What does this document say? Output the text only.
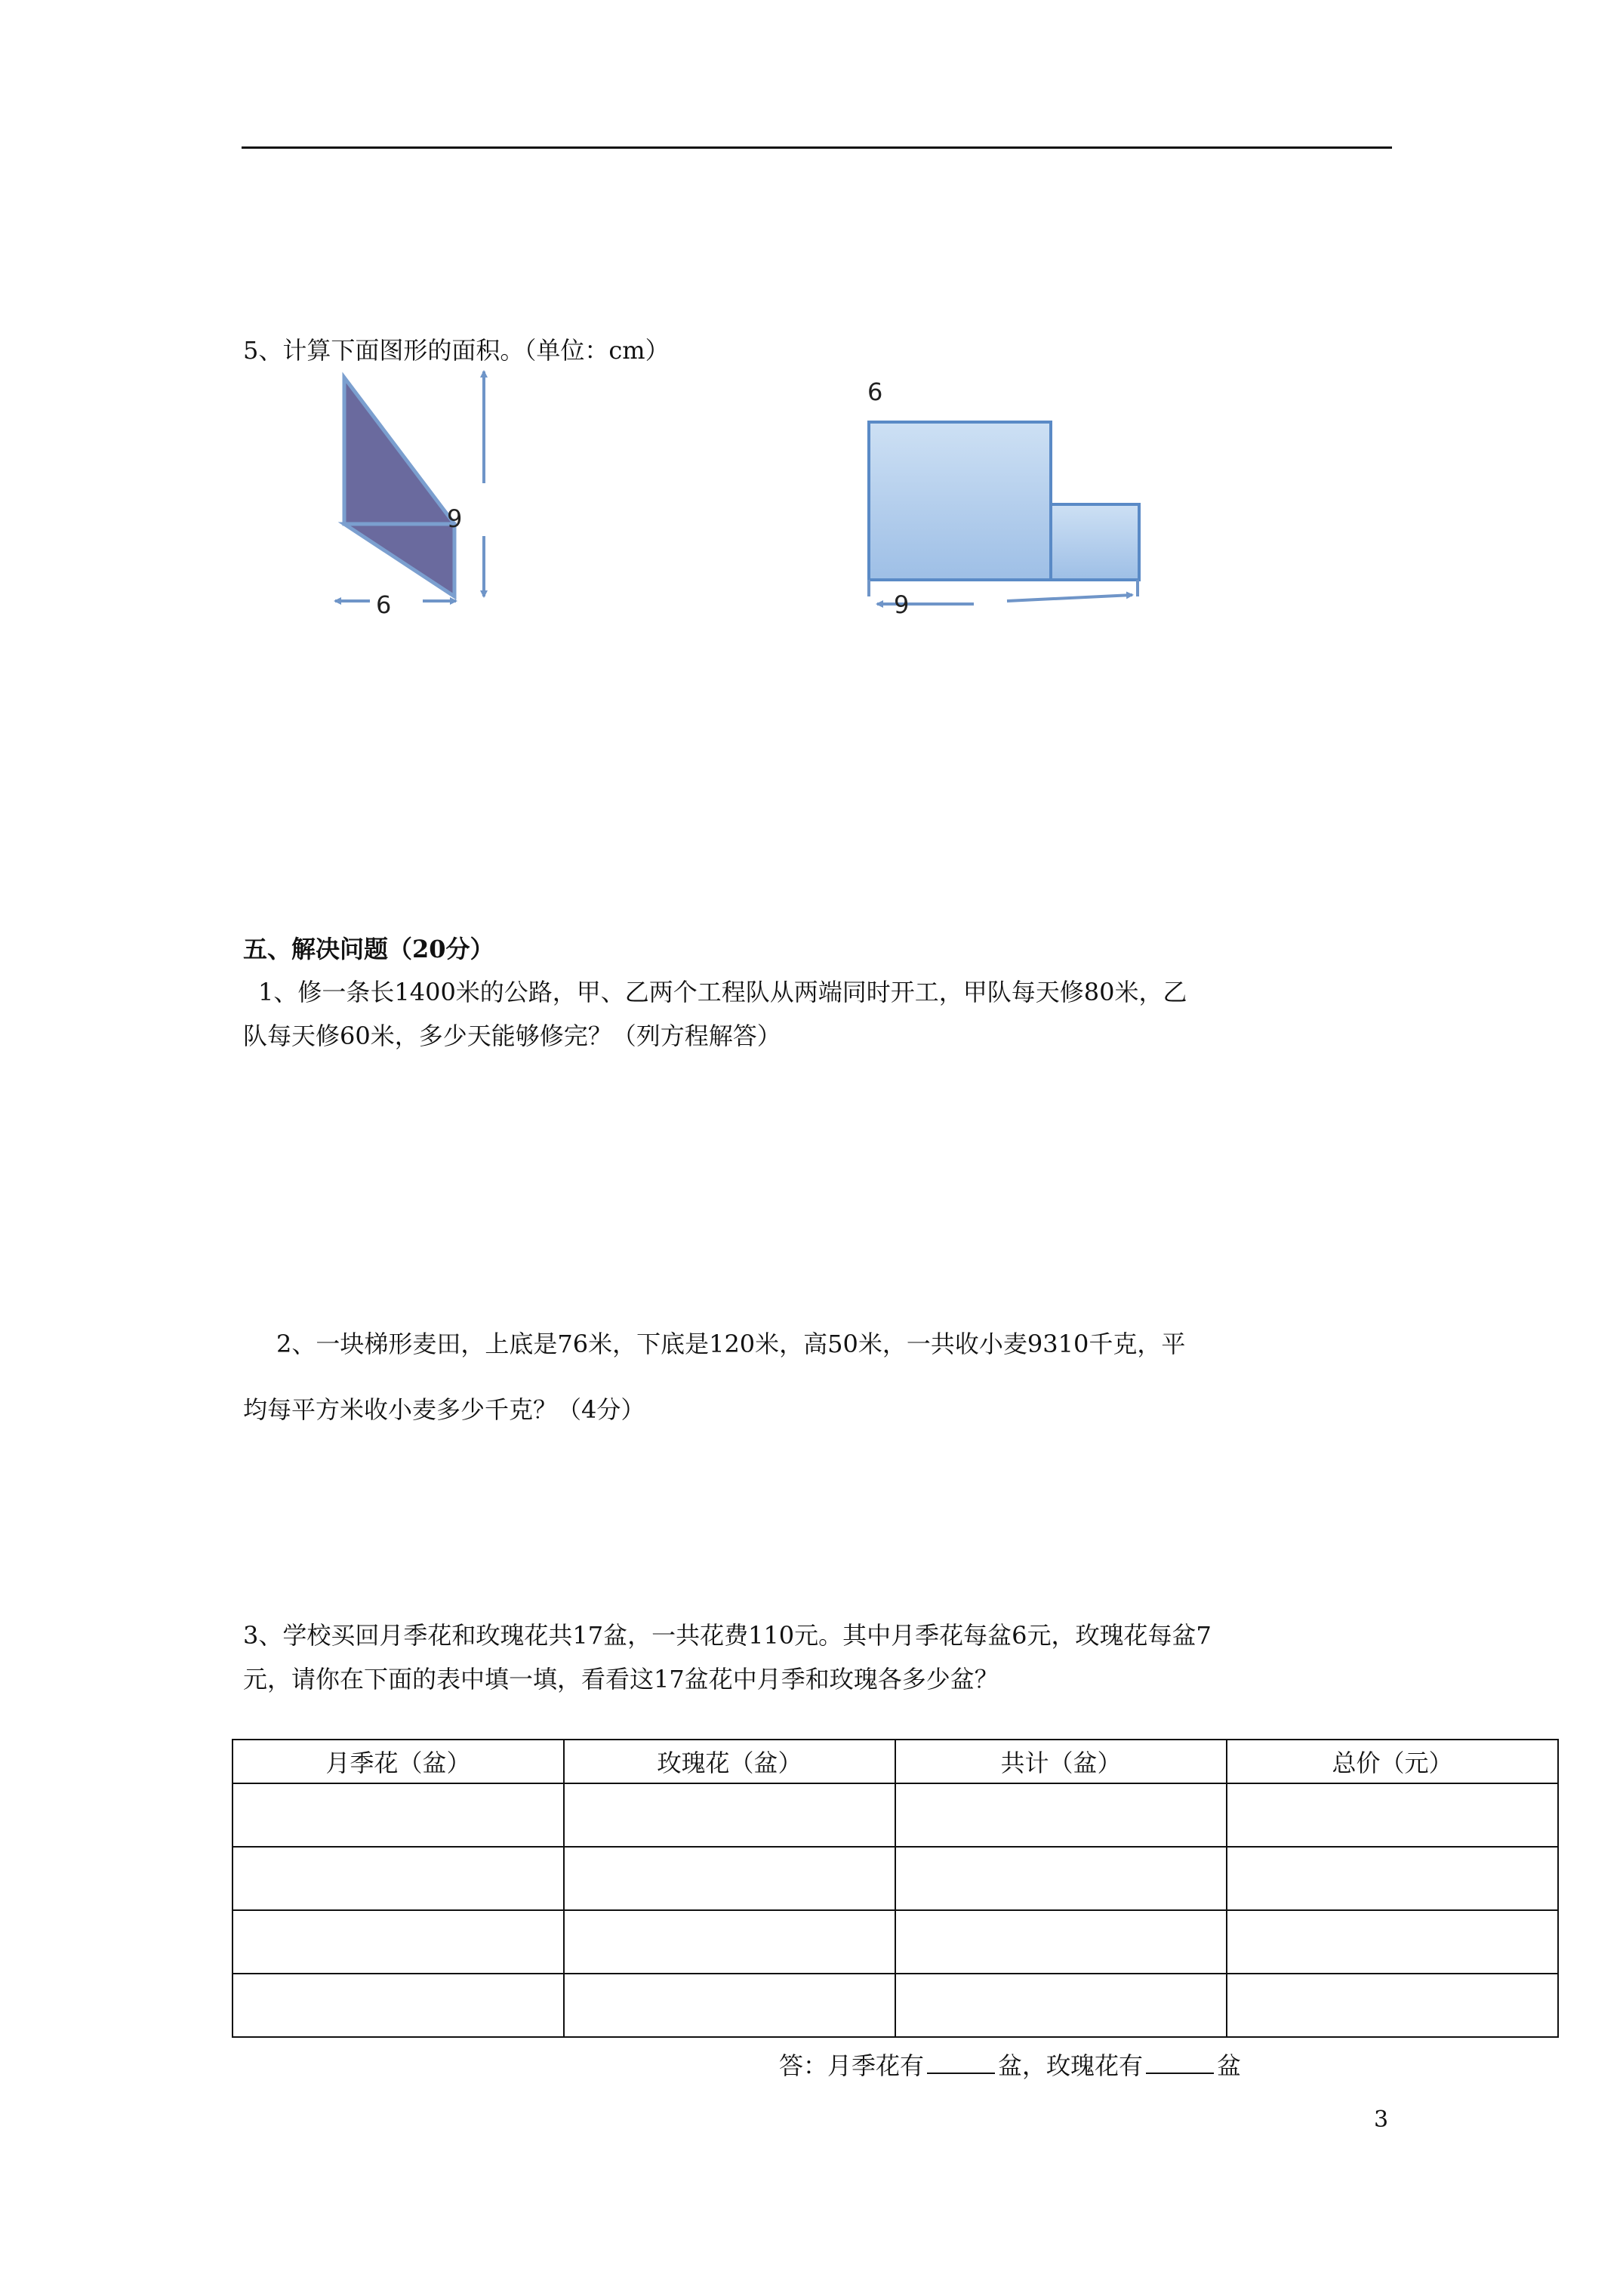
5、计算下面图形的面积。（单位：cm）
9
6
6
9
五、解决问题（20分）
1、修一条长1400米的公路，甲、乙两个工程队从两端同时开工，甲队每天修80米，乙
队每天修60米，多少天能够修完？（列方程解答）
2、一块梯形麦田，上底是76米，下底是120米，高50米，一共收小麦9310千克，平
均每平方米收小麦多少千克？（4分）
3、学校买回月季花和玫瑰花共17盆，一共花费110元。其中月季花每盆6元，玫瑰花每盆7
元，请你在下面的表中填一填，看看这17盆花中月季和玫瑰各多少盆？
月季花（盆）	玫瑰花（盆）	共计（盆）	总价（元）

答：月季花有	盆，玫瑰花有	盆
3
